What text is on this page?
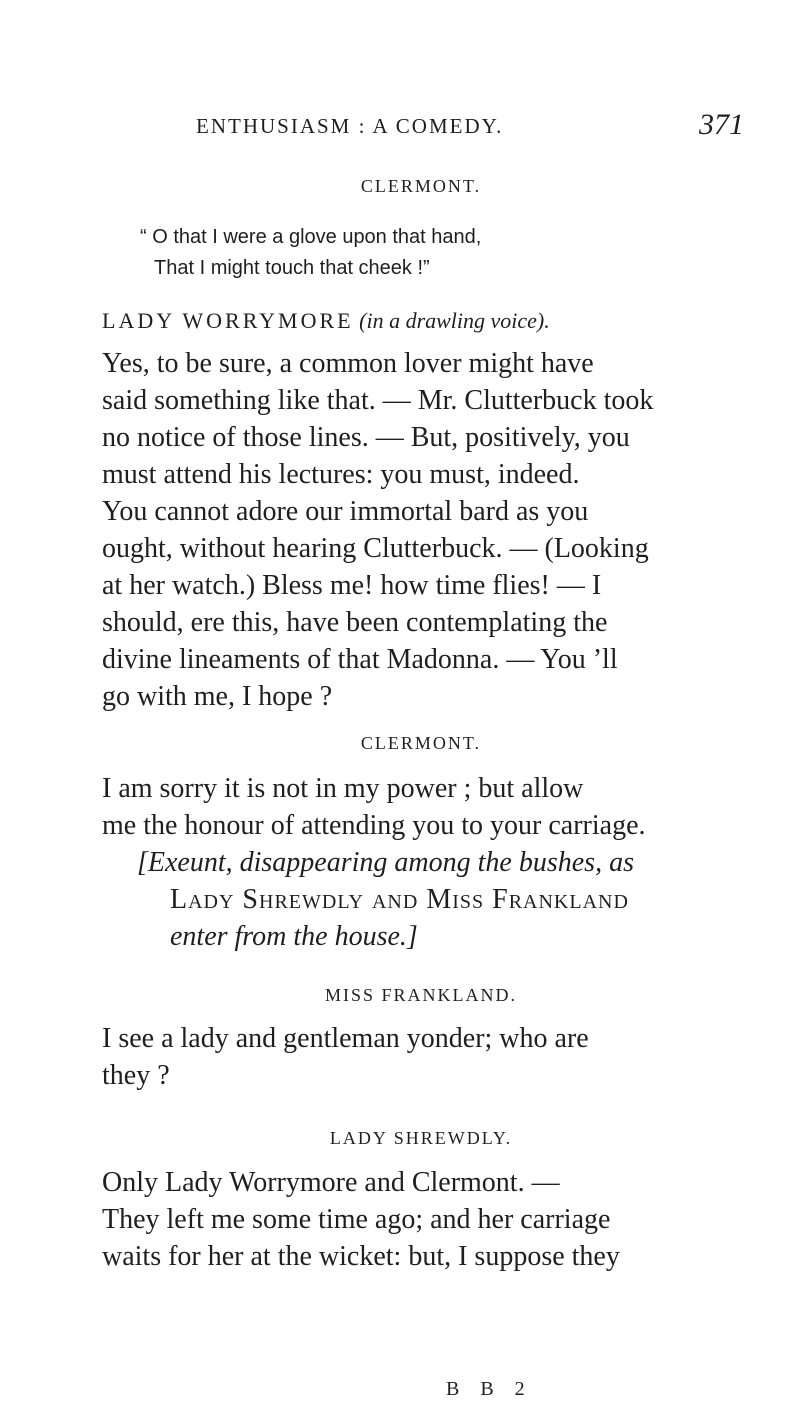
ENTHUSIASM : A COMEDY.	371

CLERMONT.

“ O that I were a glove upon that hand,
That I might touch that cheek !”
LADY WORRYMORE (in a drawling voice).

Yes, to be sure, a common lover might have

said something like that. — Mr. Clutterbuck took

no notice of those lines. — But, positively, you

must attend his lectures: you must, indeed.

You cannot adore our immortal bard as you

ought, without hearing Clutterbuck. — (Looking

at her watch.) Bless me! how time flies! — I

should, ere this, have been contemplating the

divine lineaments of that Madonna. — You ’ll

go with me, I hope ?

CLERMONT.

I am sorry it is not in my power ; but allow

me the honour of attending you to your carriage.

[Exeunt, disappearing among the bushes, as
Lady Shrewdly and Miss Frankland
enter from the house.]

MISS FRANKLAND.

I see a lady and gentleman yonder; who are

they ?

LADY SHREWDLY.

Only Lady Worrymore and Clermont. —

They left me some time ago; and her carriage

waits for her at the wicket: but, I suppose they

B B 2
